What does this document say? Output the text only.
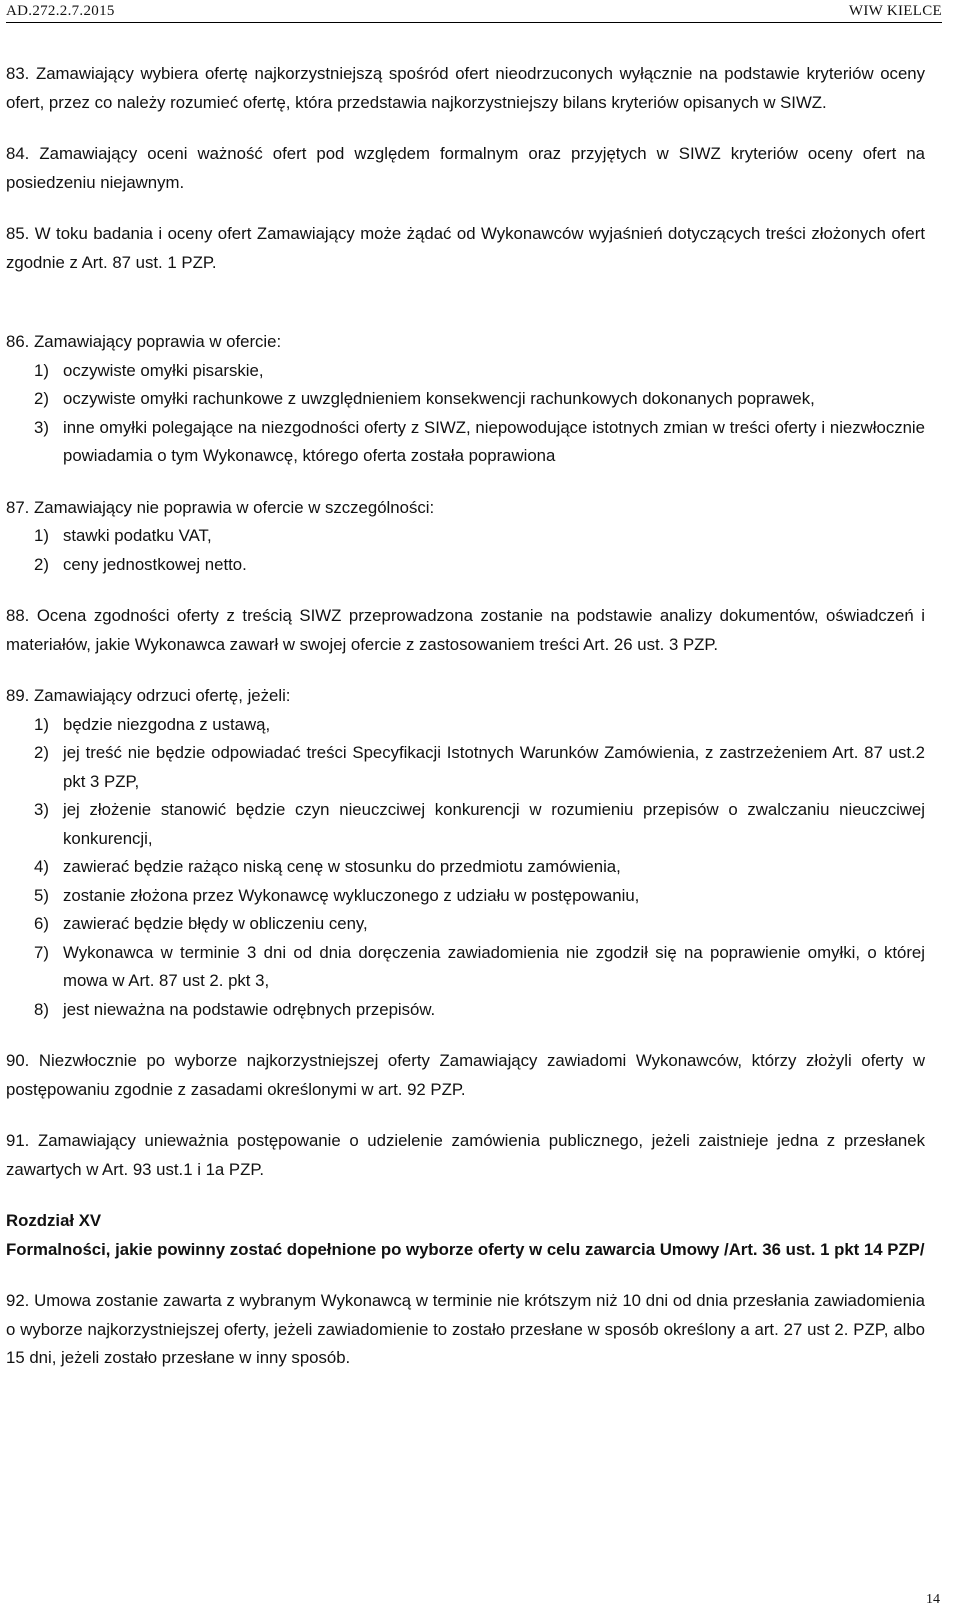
AD.272.2.7.2015	WIW KIELCE

83. Zamawiający wybiera ofertę najkorzystniejszą spośród ofert nieodrzuconych wyłącznie na podstawie kryteriów oceny ofert, przez co należy rozumieć ofertę, która przedstawia najkorzystniejszy bilans kryteriów opisanych w SIWZ.

84. Zamawiający oceni ważność ofert pod względem formalnym oraz przyjętych w SIWZ kryteriów oceny ofert na posiedzeniu niejawnym.

85. W toku badania i oceny ofert Zamawiający może żądać od Wykonawców wyjaśnień dotyczących treści złożonych ofert zgodnie z Art. 87 ust. 1 PZP.

86. Zamawiający poprawia w ofercie:

1) oczywiste omyłki pisarskie,
2) oczywiste omyłki rachunkowe z uwzględnieniem konsekwencji rachunkowych dokonanych poprawek,
3) inne omyłki polegające na niezgodności oferty z SIWZ, niepowodujące istotnych zmian w treści oferty i niezwłocznie powiadamia o tym Wykonawcę, którego oferta została poprawiona

87. Zamawiający nie poprawia w ofercie w szczególności:

1) stawki podatku VAT,
2) ceny jednostkowej netto.

88. Ocena zgodności oferty z treścią SIWZ przeprowadzona zostanie na podstawie analizy dokumentów, oświadczeń i materiałów, jakie Wykonawca zawarł w swojej ofercie z zastosowaniem treści Art. 26 ust. 3 PZP.

89. Zamawiający odrzuci ofertę, jeżeli:

1) będzie niezgodna z ustawą,
2) jej treść nie będzie odpowiadać treści Specyfikacji Istotnych Warunków Zamówienia, z zastrzeżeniem Art. 87 ust.2 pkt 3 PZP,
3) jej złożenie stanowić będzie czyn nieuczciwej konkurencji w rozumieniu przepisów o zwalczaniu nieuczciwej konkurencji,
4) zawierać będzie rażąco niską cenę w stosunku do przedmiotu zamówienia,
5) zostanie złożona przez Wykonawcę wykluczonego z udziału w postępowaniu,
6) zawierać będzie błędy w obliczeniu ceny,
7) Wykonawca w terminie 3 dni od dnia doręczenia zawiadomienia nie zgodził się na poprawienie omyłki, o której mowa w Art. 87 ust 2. pkt 3,
8) jest nieważna na podstawie odrębnych przepisów.

90. Niezwłocznie po wyborze najkorzystniejszej oferty Zamawiający zawiadomi Wykonawców, którzy złożyli oferty w postępowaniu zgodnie z zasadami określonymi w art. 92 PZP.

91. Zamawiający unieważnia postępowanie o udzielenie zamówienia publicznego, jeżeli zaistnieje jedna z przesłanek zawartych w Art. 93 ust.1 i 1a PZP.

Rozdział XV

Formalności, jakie powinny zostać dopełnione po wyborze oferty w celu zawarcia Umowy /Art. 36 ust. 1 pkt 14 PZP/

92. Umowa zostanie zawarta z wybranym Wykonawcą w terminie nie krótszym niż 10 dni od dnia przesłania zawiadomienia o wyborze najkorzystniejszej oferty, jeżeli zawiadomienie to zostało przesłane w sposób określony a art. 27 ust 2. PZP, albo 15 dni, jeżeli zostało przesłane w inny sposób.

14
